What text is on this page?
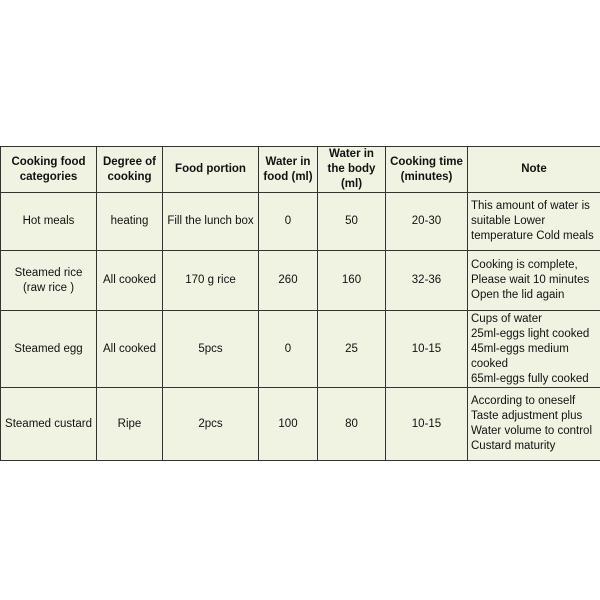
Cooking food categories	Degree of cooking	Food portion	Water in food (ml)	Water in the body (ml)	Cooking time (minutes)	Note
Hot meals	heating	Fill the lunch box	0	50	20-30	This amount of water is
suitable Lower
temperature Cold meals

Steamed rice (raw rice )	All cooked	170 g rice	260	160	32-36	Cooking is complete,
Please wait 10 minutes
Open the lid again

Steamed egg	All cooked	5pcs	0	25	10-15	Cups of water
25ml-eggs light cooked
45ml-eggs medium
cooked
65ml-eggs fully cooked

Steamed custard	Ripe	2pcs	100	80	10-15	According to oneself
Taste adjustment plus
Water volume to control
Custard maturity
